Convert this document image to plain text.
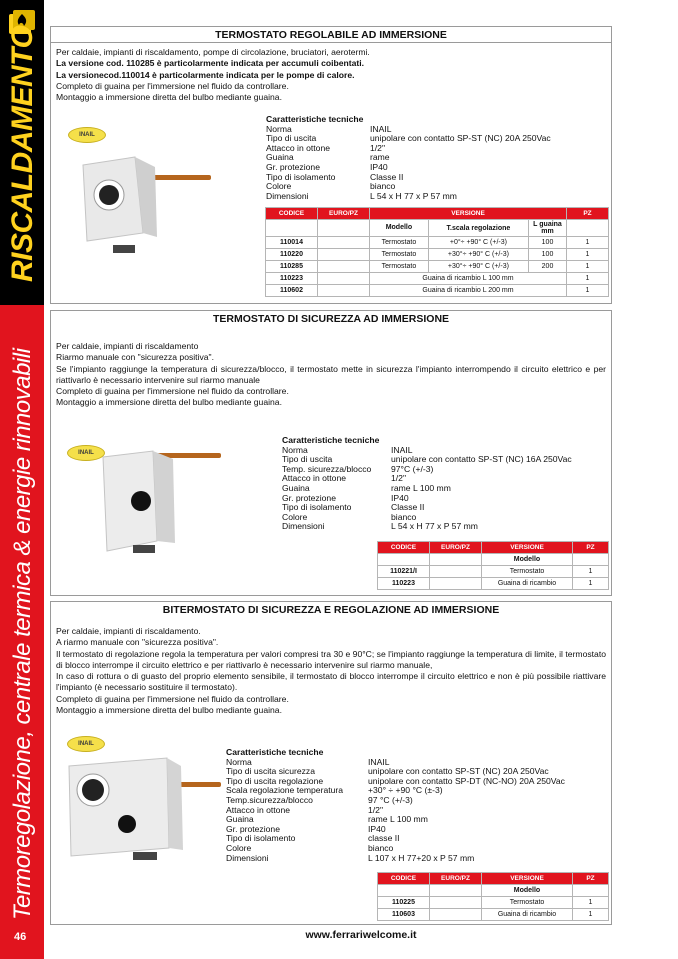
RISCALDAMENTO
Termoregolazione, centrale termica & energie rinnovabili
46
TERMOSTATO REGOLABILE AD IMMERSIONE

Per caldaie, impianti di riscaldamento, pompe di circolazione, bruciatori, aerotermi.

La versione cod. 110285 è particolarmente indicata per accumuli coibentati.

La versionecod.110014 è particolarmente indicata per le pompe di calore.

Completo di guaina per l'immersione nel fluido da controllare.

Montaggio a immersione diretta del bulbo mediante guaina.

INAIL
Caratteristiche tecniche
Norma	INAIL
Tipo di uscita	unipolare con contatto SP-ST (NC) 20A 250Vac
Attacco in ottone	1/2"
Guaina	rame
Gr. protezione	IP40
Tipo di isolamento	Classe II
Colore	bianco
Dimensioni	L 54 x H 77 x P 57 mm
CODICE	EURO/PZ	VERSIONE			PZ
		Modello	T.scala regolazione	L guaina mm	
110014		Termostato	+0°÷ +90° C (+/-3)	100	1
110220		Termostato	+30°÷ +90° C (+/-3)	100	1
110285		Termostato	+30°÷ +90° C (+/-3)	200	1
110223		Guaina di ricambio L 100 mm			1
110602		Guaina di ricambio L 200 mm			1
TERMOSTATO DI SICUREZZA AD IMMERSIONE

Per caldaie, impianti di riscaldamento

Riarmo manuale con "sicurezza positiva".

Se l'impianto raggiunge la temperatura di sicurezza/blocco, il termostato mette in sicurezza l'impianto interrompendo il circuito elettrico e per riattivarlo è necessario intervenire sul riarmo manuale

Completo di guaina per l'immersione nel fluido da controllare.

Montaggio a immersione diretta del bulbo mediante guaina.

INAIL
Caratteristiche tecniche
Norma	INAIL
Tipo di uscita	unipolare con contatto SP-ST (NC) 16A 250Vac
Temp. sicurezza/blocco	97°C (+/-3)
Attacco in ottone	1/2"
Guaina	rame L 100 mm
Gr. protezione	IP40
Tipo di isolamento	Classe II
Colore	bianco
Dimensioni	L 54 x H 77 x P 57 mm
CODICE	EURO/PZ	VERSIONE	PZ
		Modello	
110221/I		Termostato	1
110223		Guaina di ricambio	1
BITERMOSTATO DI SICUREZZA E REGOLAZIONE AD IMMERSIONE

Per caldaie, impianti di riscaldamento.

A riarmo manuale con "sicurezza positiva".

Il termostato di regolazione regola la temperatura per valori compresi tra 30 e 90°C; se l'impianto raggiunge la temperatura di limite, il termostato di blocco interrompe il circuito elettrico e per riattivarlo è necessario intervenire sul riarmo manuale,

In caso di rottura o di guasto del proprio elemento sensibile, il termostato di blocco interrompe il circuito elettrico e non è più possibile riattivare l'impianto (è necessario sostituire il termostato).

Completo di guaina per l'immersione nel fluido da controllare.

Montaggio a immersione diretta del bulbo mediante guaina.

INAIL
Caratteristiche tecniche
Norma	INAIL
Tipo di uscita sicurezza	unipolare con contatto SP-ST (NC) 20A 250Vac
Tipo di uscita regolazione	unipolare con contatto SP-DT (NC-NO) 20A 250Vac
Scala regolazione temperatura	+30° ÷ +90 °C (±-3)
Temp.sicurezza/blocco	97 °C (+/-3)
Attacco in ottone	1/2"
Guaina	rame L 100 mm
Gr. protezione	IP40
Tipo di isolamento	classe II
Colore	bianco
Dimensioni	L 107 x H 77+20 x P 57 mm
CODICE	EURO/PZ	VERSIONE	PZ
		Modello	
110225		Termostato	1
110603		Guaina di ricambio	1
www.ferrariwelcome.it
